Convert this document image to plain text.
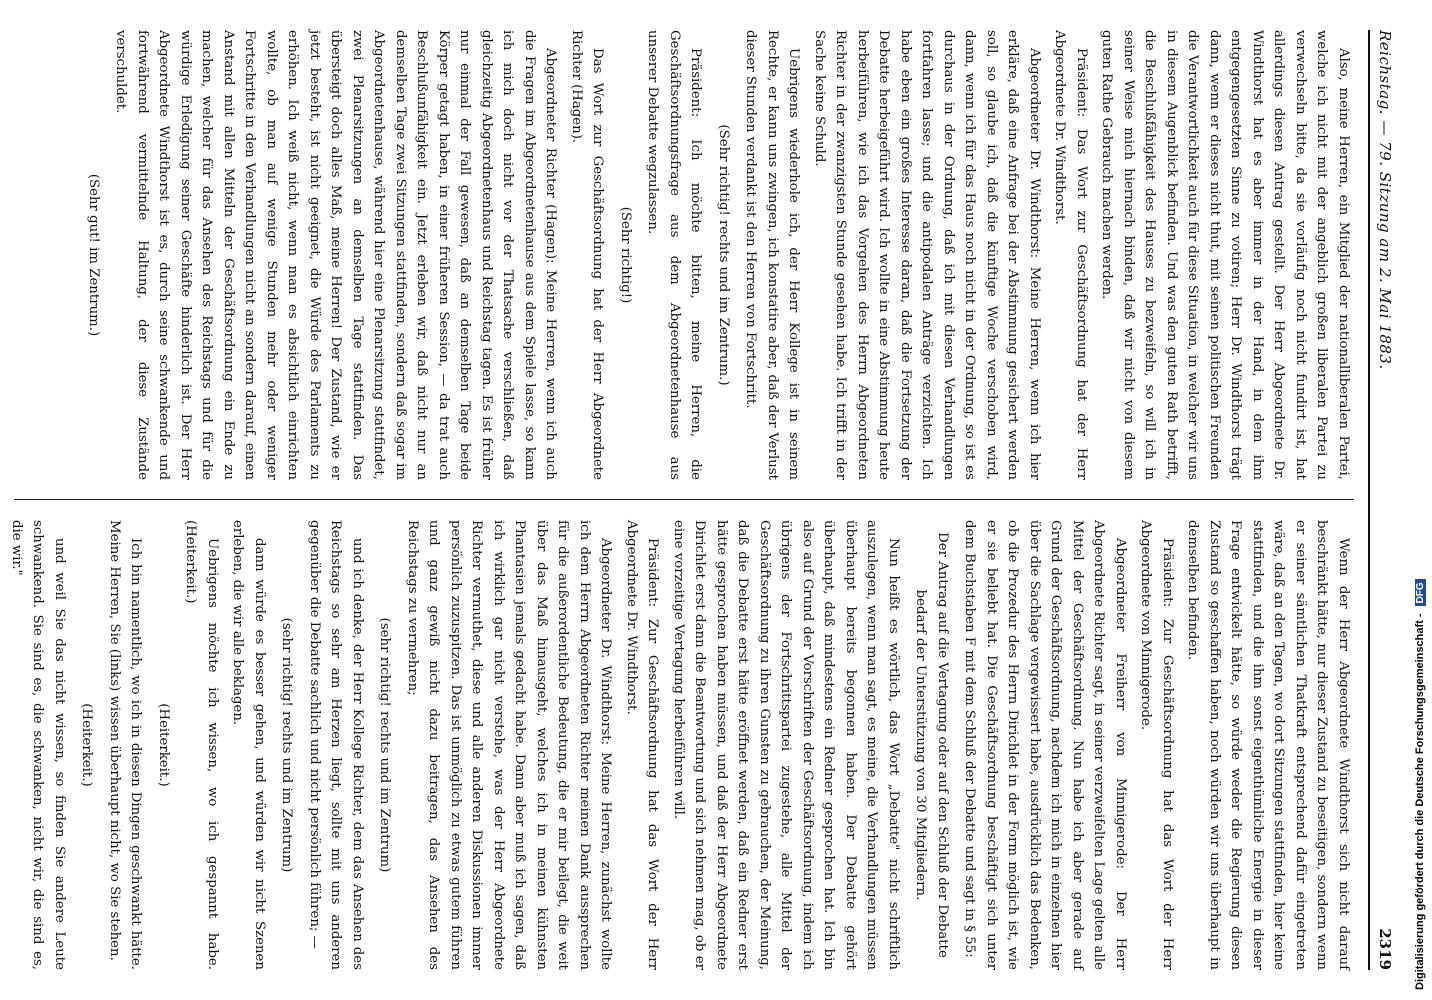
Reichstag. — 79. Sitzung am 2. Mai 1883.
2319

Also, meine Herren, ein Mitglied der nationalliberalen Partei, welche ich nicht mit der angeblich großen liberalen Partei zu verwechseln bitte, da sie vorläufig noch nicht fundirt ist, hat allerdings diesen Antrag gestellt. Der Herr Abgeordnete Dr. Windthorst hat es aber immer in der Hand, in dem ihm entgegengesetzten Sinne zu votiren; Herr Dr. Windthorst trägt dann, wenn er dieses nicht thut, mit seinen politischen Freunden die Verantwortlichkeit auch für diese Situation, in welcher wir uns in diesem Augenblick befinden. Und was den guten Rath betrifft, die Beschlußfähigkeit des Hauses zu bezweifeln, so will ich in seiner Weise mich hiernach binden, daß wir nicht von diesem guten Rathe Gebrauch machen werden.

Präsident: Das Wort zur Geschäftsordnung hat der Herr Abgeordnete Dr. Windthorst.

Abgeordneter Dr. Windthorst: Meine Herren, wenn ich hier erkläre, daß eine Anfrage bei der Abstimmung gesichert werden soll, so glaube ich, daß die künftige Woche verschoben wird, dann, wenn ich für das Haus noch nicht in der Ordnung, so ist es durchaus in der Ordnung, daß ich mit diesen Verhandlungen fortfahren lasse; und die antipodalen Anträge verzichten. Ich habe eben ein großes Interesse daran, daß die Fortsetzung der Debatte herbeigeführt wird. Ich wollte in eine Abstimmung heute herbeiführen, wie ich das Vorgehen des Herrn Abgeordneten Richter in der zwanzigsten Stunde gesehen habe. Ich trifft in der Sache keine Schuld.

Uebrigens wiederhole ich, der Herr Kollege ist in seinem Rechte, er kann uns zwingen, ich konstatire aber, daß der Verlust dieser Stunden verdankt ist den Herren von Fortschritt.

(Sehr richtig! rechts und im Zentrum.)

Präsident: Ich möchte bitten, meine Herren, die Geschäftsordnungsfrage aus dem Abgeordnetenhause aus unserer Debatte wegzulassen.

(Sehr richtig!)

Das Wort zur Geschäftsordnung hat der Herr Abgeordnete Richter (Hagen).

Abgeordneter Richter (Hagen): Meine Herren, wenn ich auch die Fragen im Abgeordnetenhause aus dem Spiele lasse, so kann ich mich doch nicht vor der Thatsache verschließen, daß gleichzeitig Abgeordnetenhaus und Reichstag tagen. Es ist früher nur einmal der Fall gewesen, daß an demselben Tage beide Körper getagt haben, in einer früheren Session, — da trat auch Beschlußunfähigkeit ein. Jetzt erleben wir, daß nicht nur an demselben Tage zwei Sitzungen stattfinden, sondern daß sogar im Abgeordnetenhause, während hier eine Plenarsitzung stattfindet, zwei Plenarsitzungen an demselben Tage stattfinden. Das übersteigt doch alles Maß, meine Herren! Der Zustand, wie er jetzt besteht, ist nicht geeignet, die Würde des Parlaments zu erhöhen. Ich weiß nicht, wenn man es absichtlich einrichten wollte, ob man auf wenige Stunden mehr oder weniger Fortschritte in den Verhandlungen nicht an sondern darauf, einen Anstand mit allen Mitteln der Geschäftsordnung ein Ende zu machen, welcher für das Ansehen des Reichstags und für die würdige Erledigung seiner Geschäfte hinderlich ist. Der Herr Abgeordnete Windthorst ist es, durch seine schwankende und fortwährend vermittelnde Haltung, der diese Zustände verschuldet.

(Sehr gut! im Zentrum.)

Wenn der Herr Abgeordnete Windthorst sich nicht darauf beschränkt hätte, nur dieser Zustand zu beseitigen, sondern wenn er seiner sämtlichen Thatkraft entsprechend dafür eingetreten wäre, daß an den Tagen, wo dort Sitzungen stattfinden, hier keine stattfinden, und die ihm sonst eigenthümliche Energie in dieser Frage entwickelt hätte, so würde weder die Regierung diesen Zustand so geschaffen haben, noch würden wir uns überhaupt in demselben befinden.

Präsident: Zur Geschäftsordnung hat das Wort der Herr Abgeordnete von Minnigerode.

Abgeordneter Freiherr von Minnigerode: Der Herr Abgeordnete Richter sagt, in seiner verzweifelten Lage gelten alle Mittel der Geschäftsordnung. Nun habe ich aber gerade auf Grund der Geschäftsordnung, nachdem ich mich in einzelnen hier über die Sachlage vergewissert habe, ausdrücklich das Bedenken, ob die Prozedur des Herrn Dirichlet in der Form möglich ist, wie er sie beliebt hat. Die Geschäftsordnung beschäftigt sich unter dem Buchstaben F mit dem Schluß der Debatte und sagt in § 55:

Der Antrag auf die Vertagung oder auf den Schluß der Debatte bedarf der Unterstützung von 30 Mitgliedern.

Nun heißt es wörtlich, das Wort „Debatte" nicht schriftlich auszulegen, wenn man sagt, es meine, die Verhandlungen müssen überhaupt bereits begonnen haben. Der Debatte gehört überhaupt, daß mindestens ein Redner gesprochen hat. Ich bin also auf Grund der Vorschriften der Geschäftsordnung, indem ich übrigens der Fortschrittspartei zugestehe, alle Mittel der Geschäftsordnung zu ihren Gunsten zu gebrauchen, der Meinung, daß die Debatte erst hätte eröffnet werden, daß ein Redner erst hätte gesprochen haben müssen, und daß der Herr Abgeordnete Dirichlet erst dann die Beantwortung und sich nehmen mag, ob er eine vorzeitige Vertagung herbeiführen will.

Präsident: Zur Geschäftsordnung hat das Wort der Herr Abgeordnete Dr. Windthorst.

Abgeordneter Dr. Windthorst: Meine Herren, zunächst wollte ich dem Herrn Abgeordneten Richter meinen Dank aussprechen für die außerordentliche Bedeutung, die er mir beilegt, die weit über das Maß hinausgeht, welches ich in meinen kühnsten Phantasien jemals gedacht habe. Dann aber muß ich sagen, daß ich wirklich gar nicht verstehe, was der Herr Abgeordnete Richter vermuthet, diese und alle anderen Diskussionen immer persönlich zuzuspitzen. Das ist unmöglich zu etwas gutem führen und ganz gewiß nicht dazu beitragen, das Ansehen des Reichstags zu vermehren;

(sehr richtig! rechts und im Zentrum)

und ich denke, der Herr Kollege Richter, dem das Ansehen des Reichstags so sehr am Herzen liegt, sollte mit uns anderen gegenüber die Debatte sachlich und nicht persönlich führen; —

(sehr richtig! rechts und im Zentrum)

dann würde es besser gehen, und würden wir nicht Szenen erleben, die wir alle beklagen.

Uebrigens möchte ich wissen, wo ich gespannt habe. (Heiterkeit.)

(Heiterkeit.)

Ich bin namentlich, wo ich in diesen Dingen geschwankt hätte. Meine Herren, Sie (links) wissen überhaupt nicht, wo Sie stehen.

(Heiterkeit.)

und weil Sie das nicht wissen, so finden Sie andere Leute schwankend. Sie sind es, die schwanken, nicht wir, die sind es, die wir."

Digitalisierung gefördert durch die Deutsche Forschungsgemeinschaft - DFG
